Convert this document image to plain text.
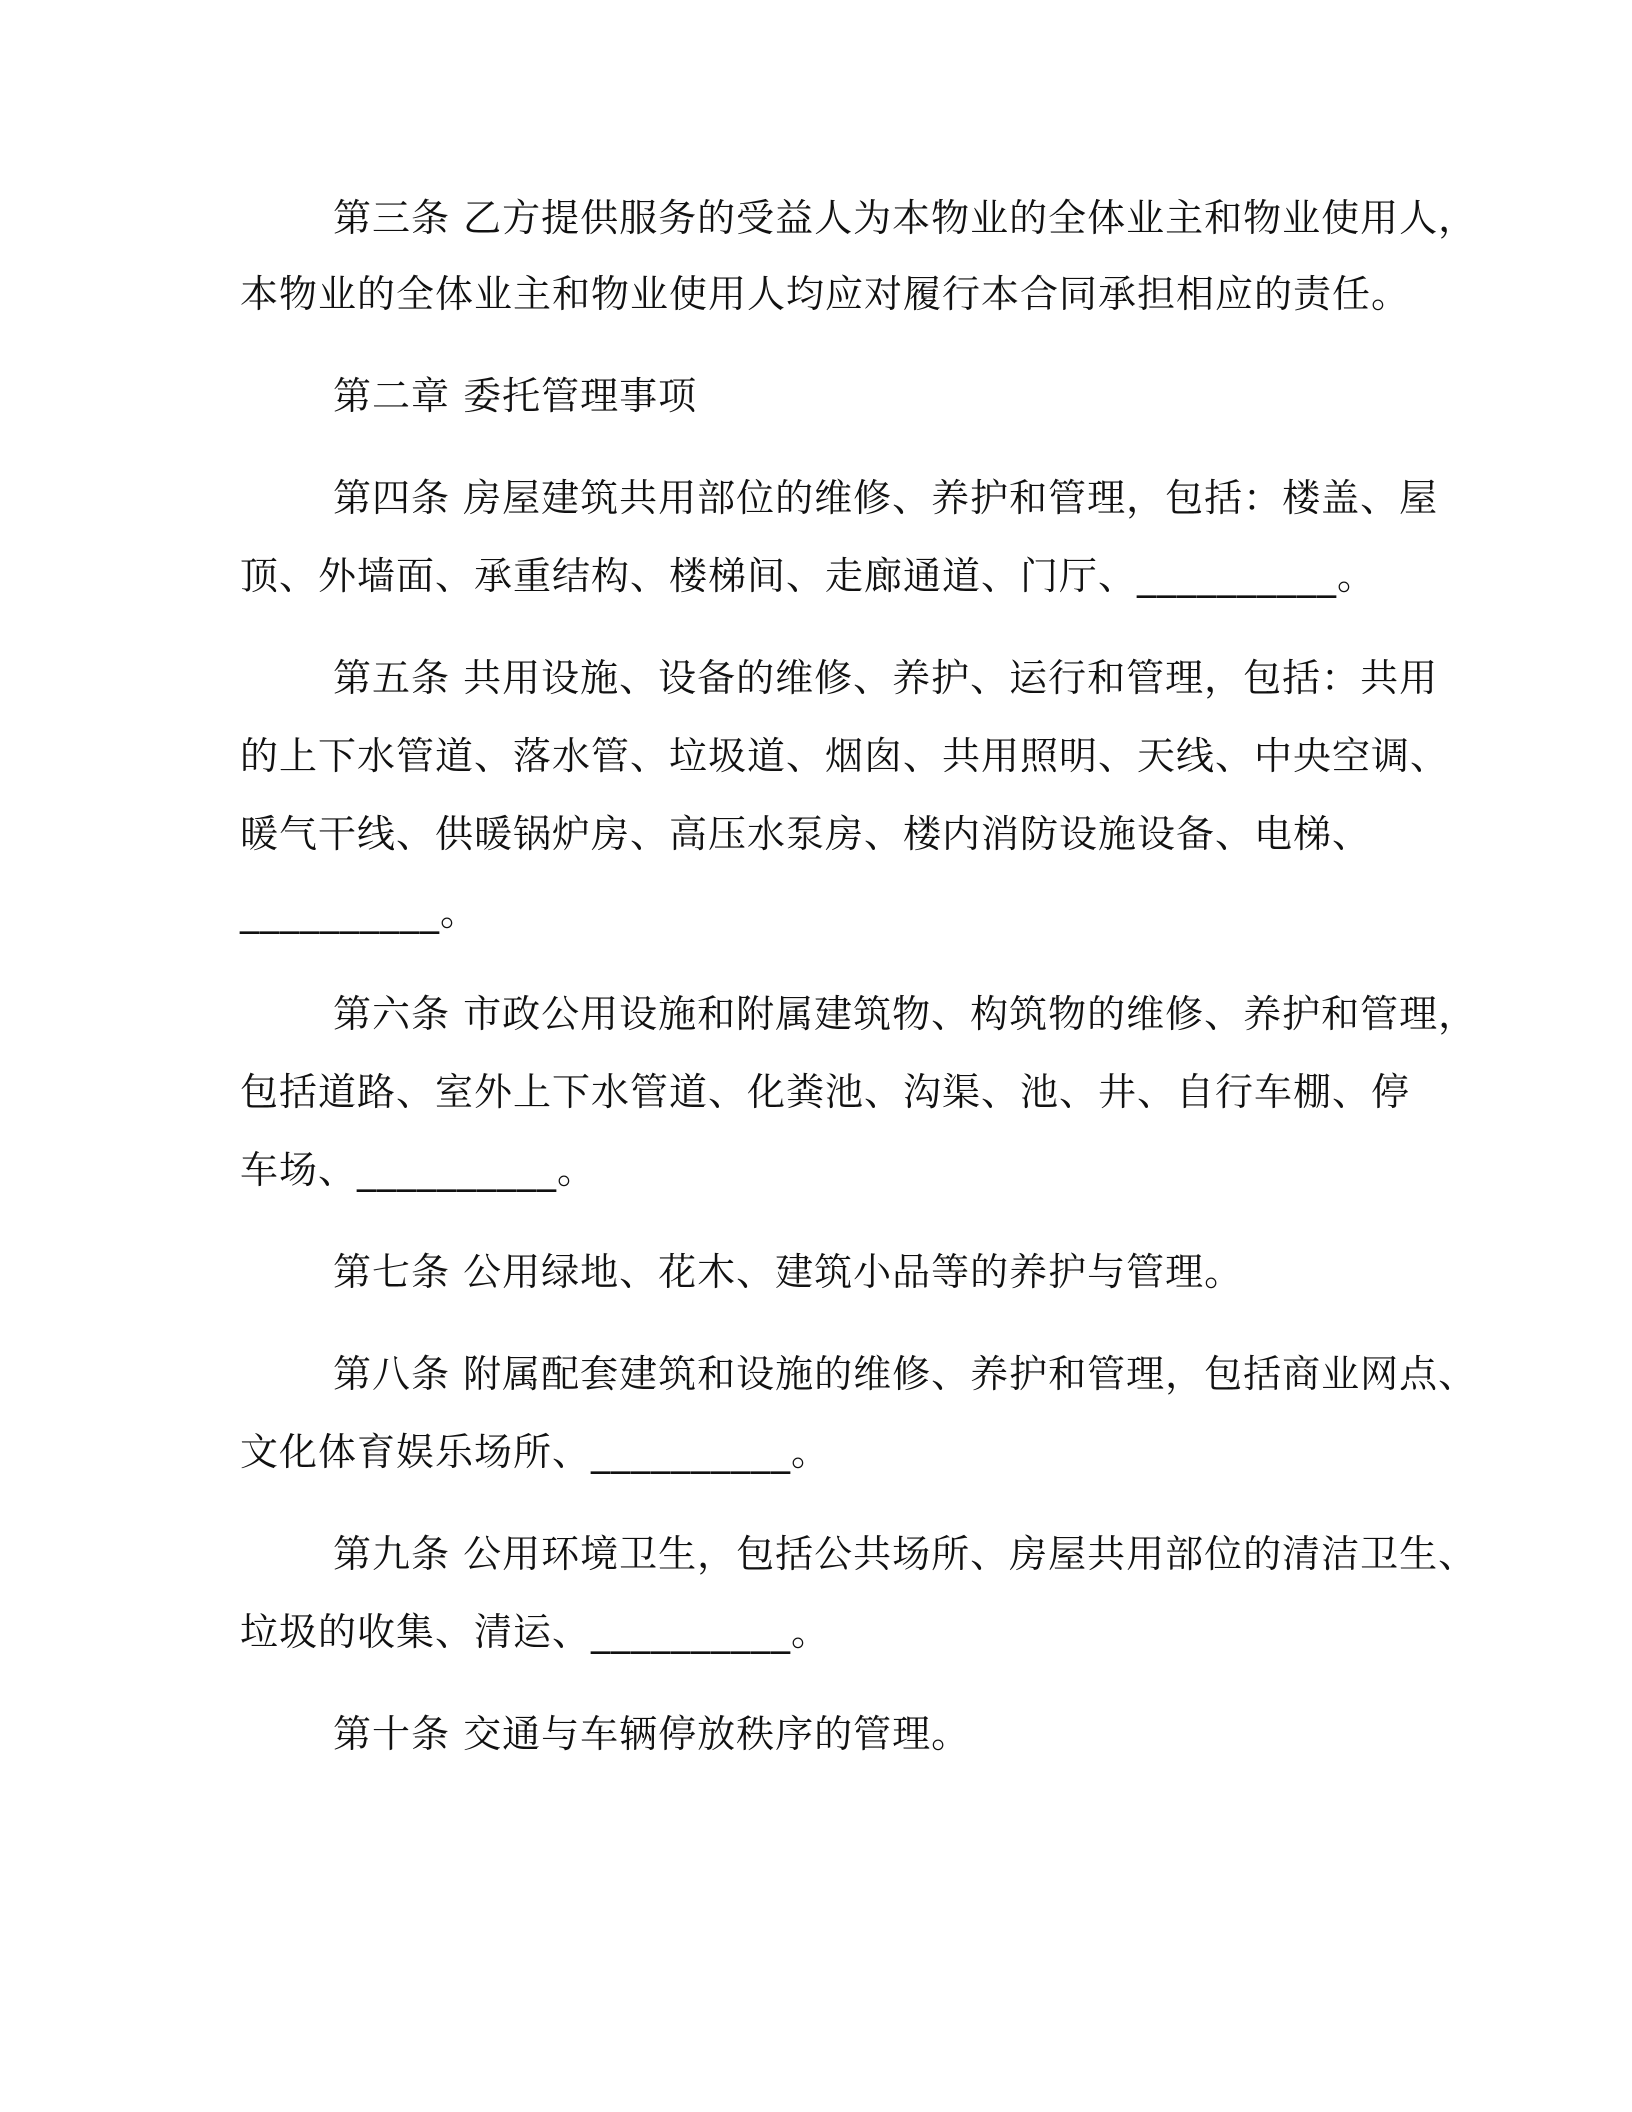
第三条 乙方提供服务的受益人为本物业的全体业主和物业使用人，
本物业的全体业主和物业使用人均应对履行本合同承担相应的责任。
第二章 委托管理事项
第四条 房屋建筑共用部位的维修、养护和管理，包括：楼盖、屋
顶、外墙面、承重结构、楼梯间、走廊通道、门厅、__________。
第五条 共用设施、设备的维修、养护、运行和管理，包括：共用
的上下水管道、落水管、垃圾道、烟囱、共用照明、天线、中央空调、
暖气干线、供暖锅炉房、高压水泵房、楼内消防设施设备、电梯、
__________。
第六条 市政公用设施和附属建筑物、构筑物的维修、养护和管理，
包括道路、室外上下水管道、化粪池、沟渠、池、井、自行车棚、停
车场、__________。
第七条 公用绿地、花木、建筑小品等的养护与管理。
第八条 附属配套建筑和设施的维修、养护和管理，包括商业网点、
文化体育娱乐场所、__________。
第九条 公用环境卫生，包括公共场所、房屋共用部位的清洁卫生、
垃圾的收集、清运、__________。
第十条 交通与车辆停放秩序的管理。
